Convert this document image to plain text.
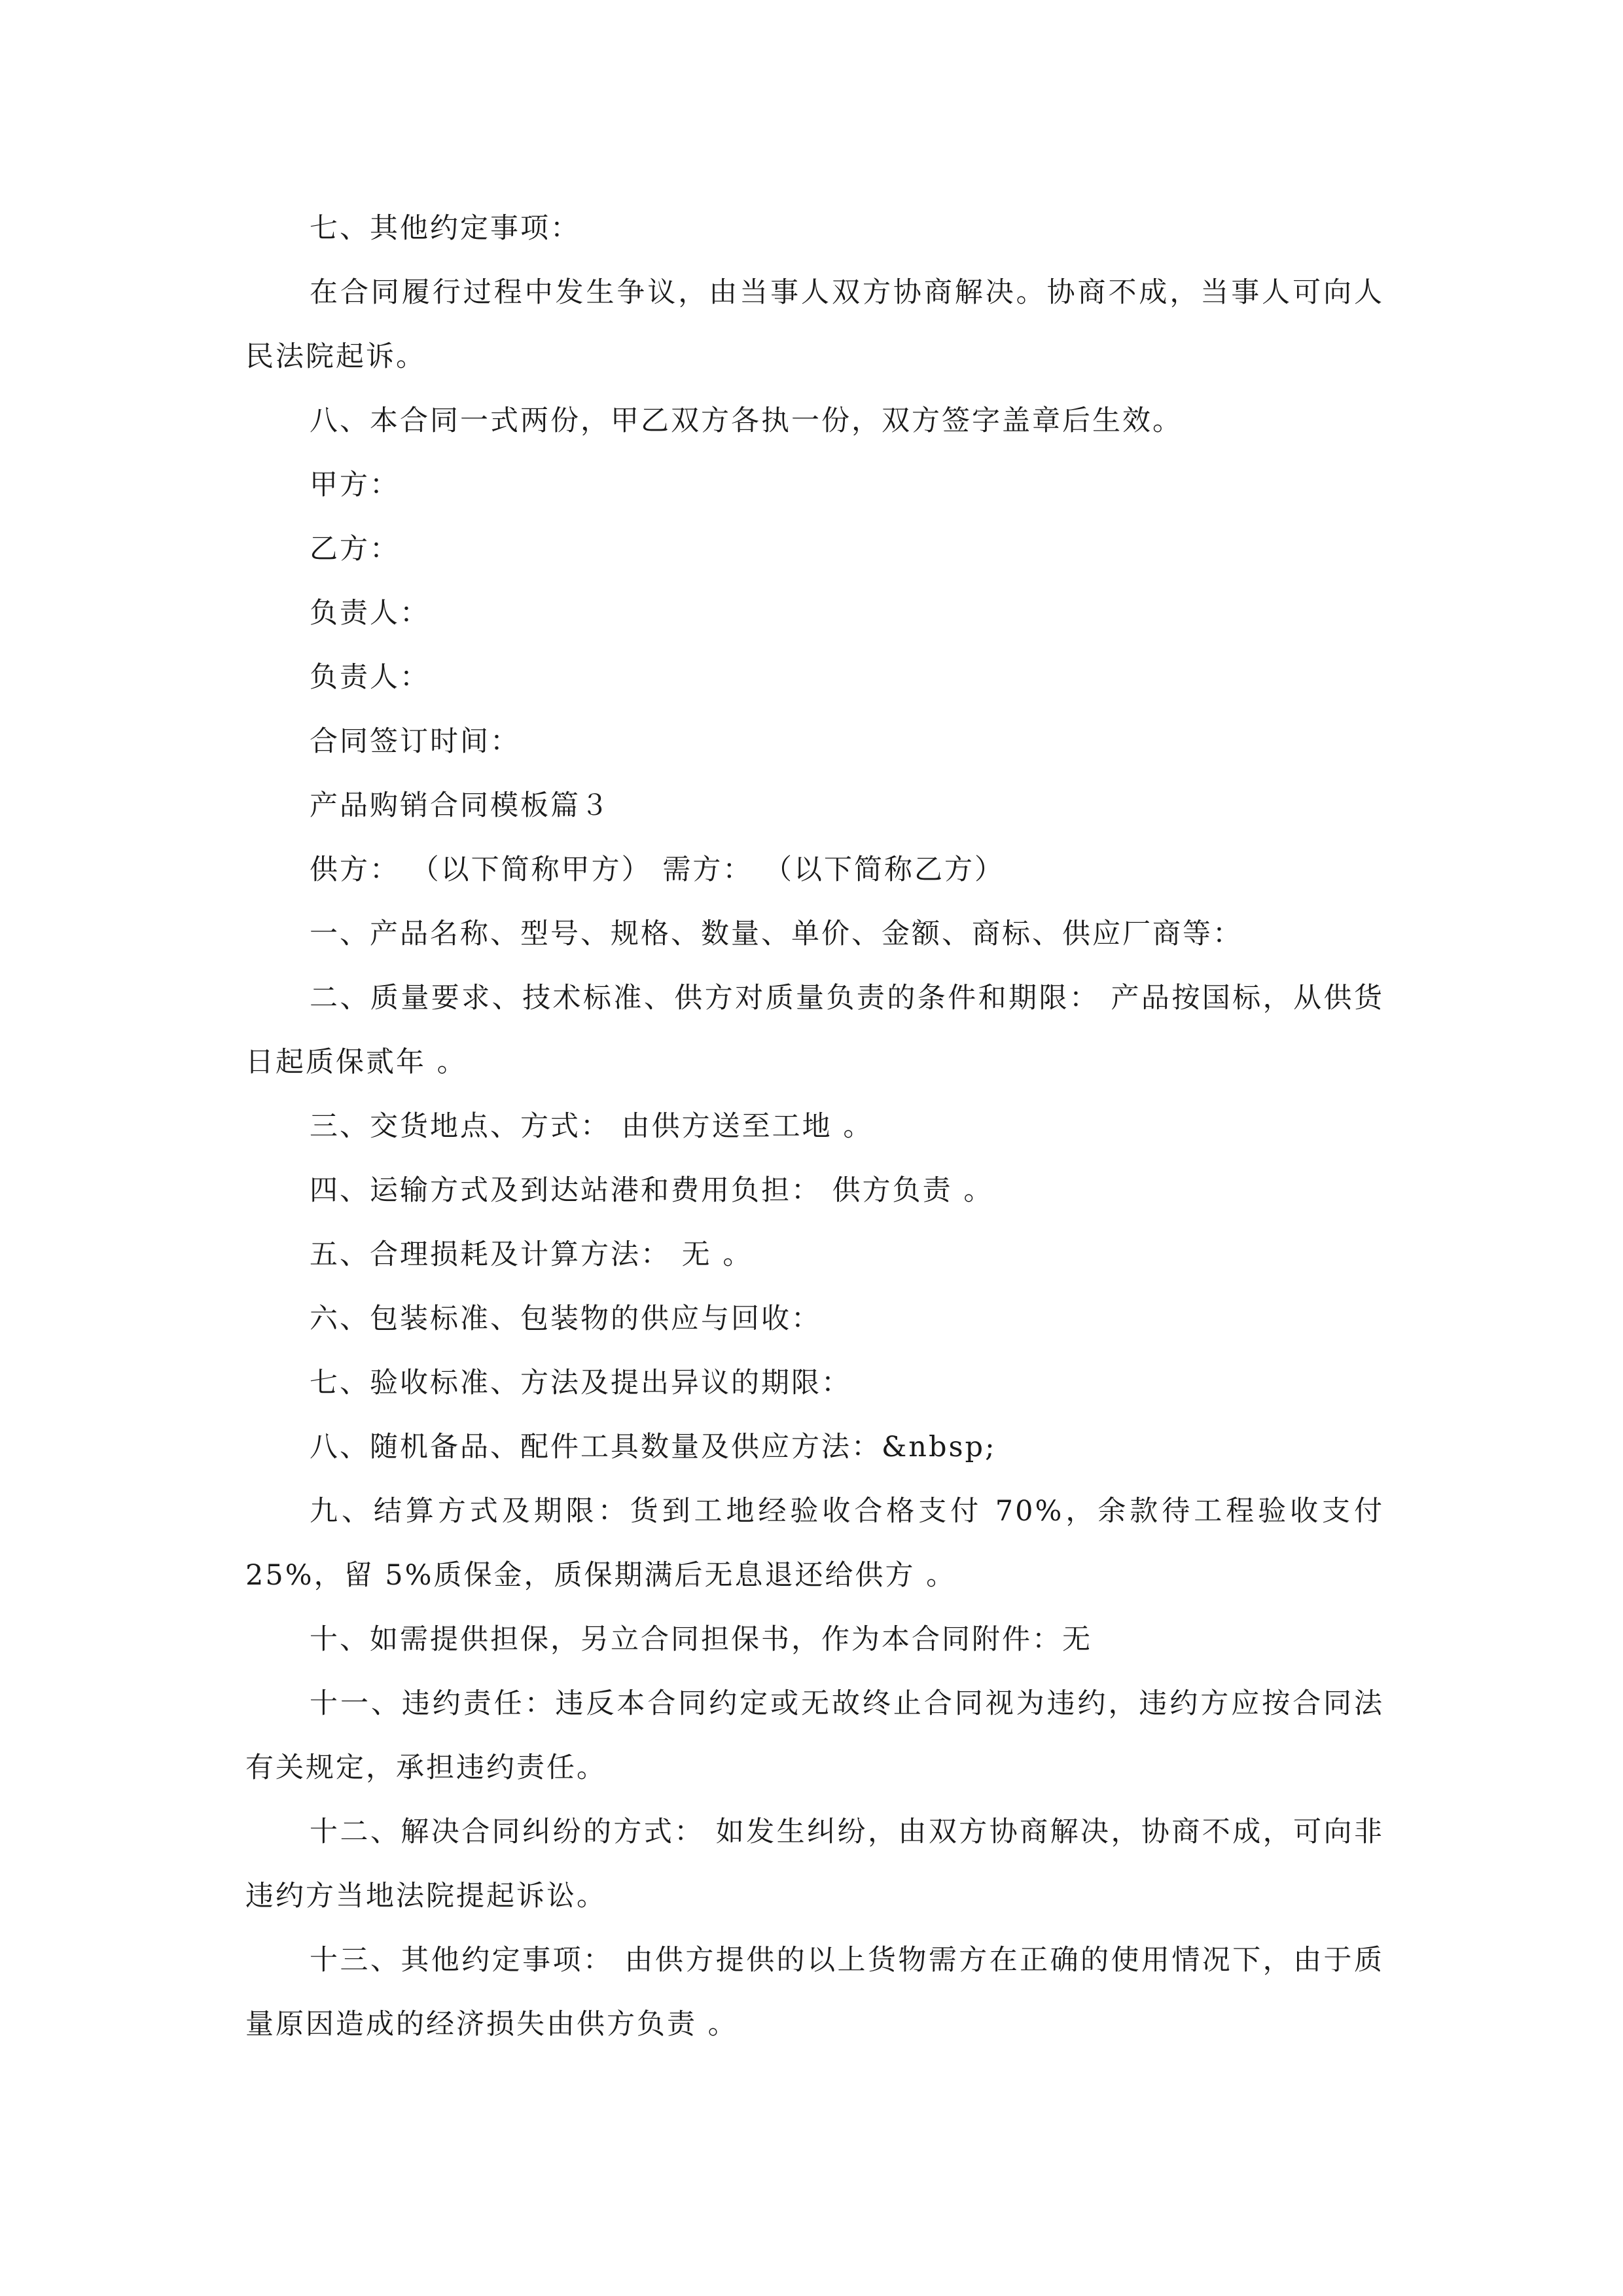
七、其他约定事项：

在合同履行过程中发生争议，由当事人双方协商解决。协商不成，当事人可向人民法院起诉。

八、本合同一式两份，甲乙双方各执一份，双方签字盖章后生效。

甲方：

乙方：

负责人：

负责人：

合同签订时间：

产品购销合同模板篇３

供方： （以下简称甲方） 需方： （以下简称乙方）

一、产品名称、型号、规格、数量、单价、金额、商标、供应厂商等：

二、质量要求、技术标准、供方对质量负责的条件和期限： 产品按国标，从供货日起质保贰年 。

三、交货地点、方式： 由供方送至工地 。

四、运输方式及到达站港和费用负担： 供方负责 。

五、合理损耗及计算方法： 无 。

六、包装标准、包装物的供应与回收：

七、验收标准、方法及提出异议的期限：

八、随机备品、配件工具数量及供应方法：&nbsp;

九、结算方式及期限：货到工地经验收合格支付 70%，余款待工程验收支付 25%，留 5%质保金，质保期满后无息退还给供方 。

十、如需提供担保，另立合同担保书，作为本合同附件：无

十一、违约责任：违反本合同约定或无故终止合同视为违约，违约方应按合同法有关规定，承担违约责任。

十二、解决合同纠纷的方式： 如发生纠纷，由双方协商解决，协商不成，可向非违约方当地法院提起诉讼。

十三、其他约定事项： 由供方提供的以上货物需方在正确的使用情况下，由于质量原因造成的经济损失由供方负责 。
